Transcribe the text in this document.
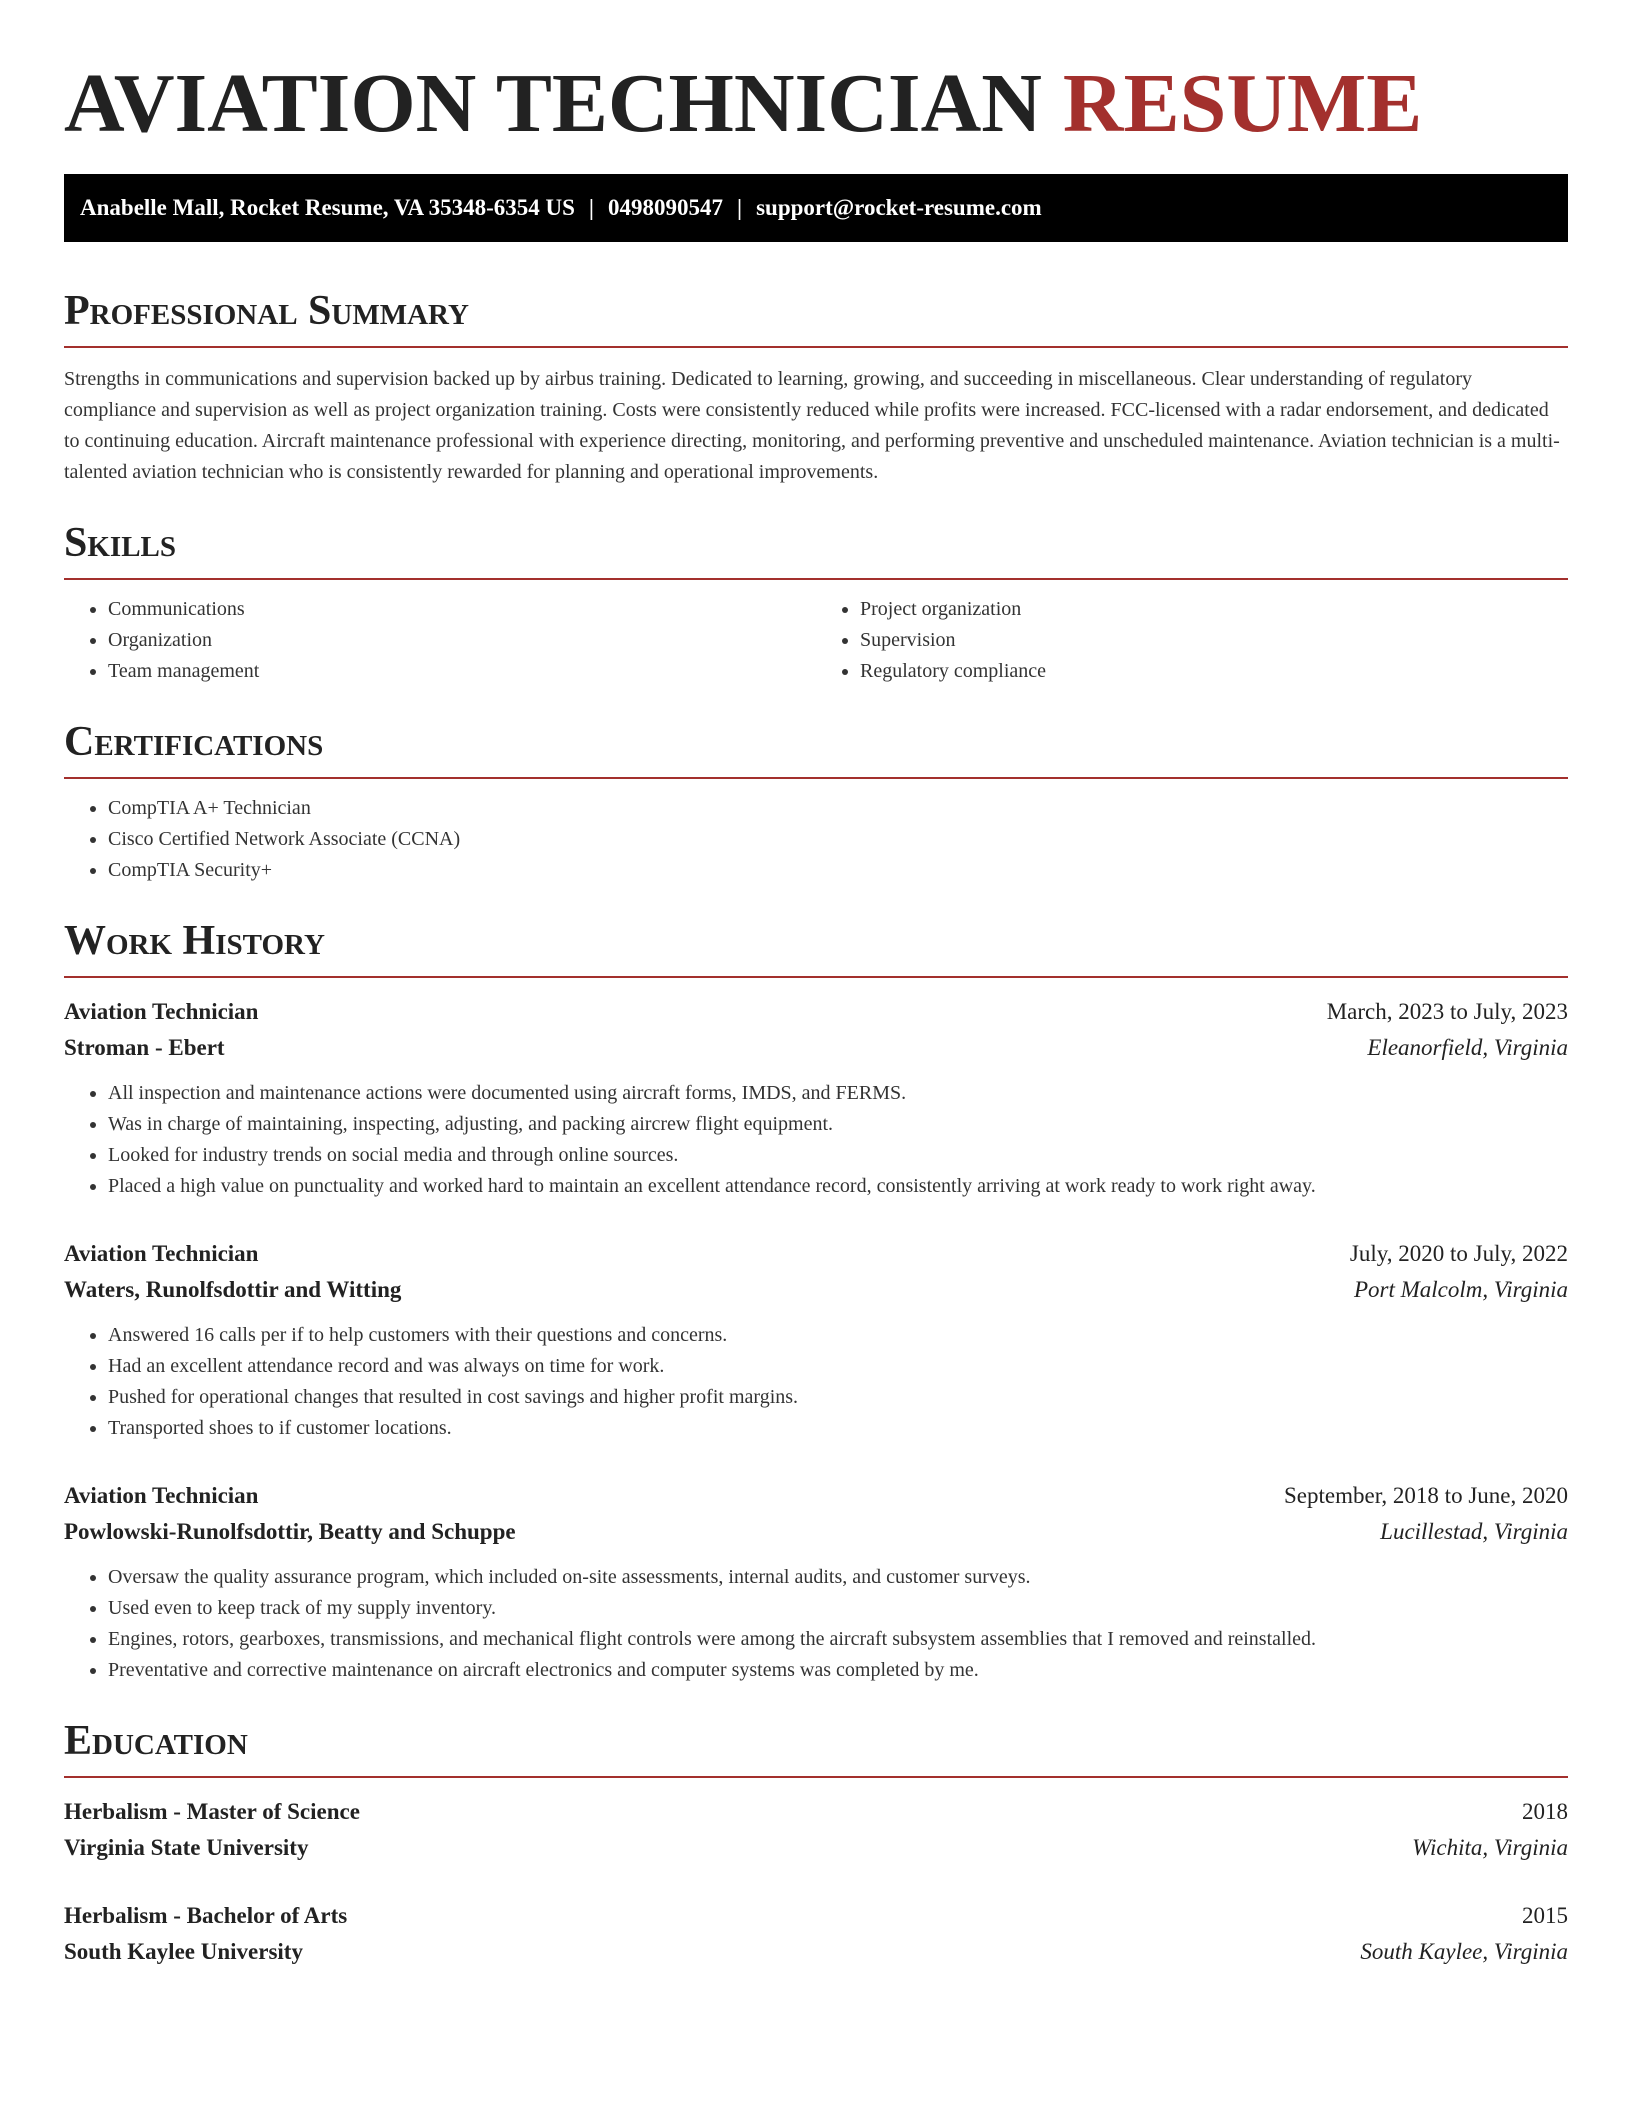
AVIATION TECHNICIAN RESUME
Anabelle Mall, Rocket Resume, VA 35348-6354 US | 0498090547 | support@rocket-resume.com
Professional Summary

Strengths in communications and supervision backed up by airbus training. Dedicated to learning, growing, and succeeding in miscellaneous. Clear understanding of regulatory compliance and supervision as well as project organization training. Costs were consistently reduced while profits were increased. FCC-licensed with a radar endorsement, and dedicated to continuing education. Aircraft maintenance professional with experience directing, monitoring, and performing preventive and unscheduled maintenance. Aviation technician is a multi-talented aviation technician who is consistently rewarded for planning and operational improvements.

Skills
• Communications
• Organization
• Team management
• Project organization
• Supervision
• Regulatory compliance
Certifications
• CompTIA A+ Technician
• Cisco Certified Network Associate (CCNA)
• CompTIA Security+
Work History
Aviation Technician	March, 2023 to July, 2023
Stroman - Ebert	Eleanorfield, Virginia
• All inspection and maintenance actions were documented using aircraft forms, IMDS, and FERMS.
• Was in charge of maintaining, inspecting, adjusting, and packing aircrew flight equipment.
• Looked for industry trends on social media and through online sources.
• Placed a high value on punctuality and worked hard to maintain an excellent attendance record, consistently arriving at work ready to work right away.
Aviation Technician	July, 2020 to July, 2022
Waters, Runolfsdottir and Witting	Port Malcolm, Virginia
• Answered 16 calls per if to help customers with their questions and concerns.
• Had an excellent attendance record and was always on time for work.
• Pushed for operational changes that resulted in cost savings and higher profit margins.
• Transported shoes to if customer locations.
Aviation Technician	September, 2018 to June, 2020
Powlowski-Runolfsdottir, Beatty and Schuppe	Lucillestad, Virginia
• Oversaw the quality assurance program, which included on-site assessments, internal audits, and customer surveys.
• Used even to keep track of my supply inventory.
• Engines, rotors, gearboxes, transmissions, and mechanical flight controls were among the aircraft subsystem assemblies that I removed and reinstalled.
• Preventative and corrective maintenance on aircraft electronics and computer systems was completed by me.
Education
Herbalism - Master of Science	2018
Virginia State University	Wichita, Virginia
Herbalism - Bachelor of Arts	2015
South Kaylee University	South Kaylee, Virginia
